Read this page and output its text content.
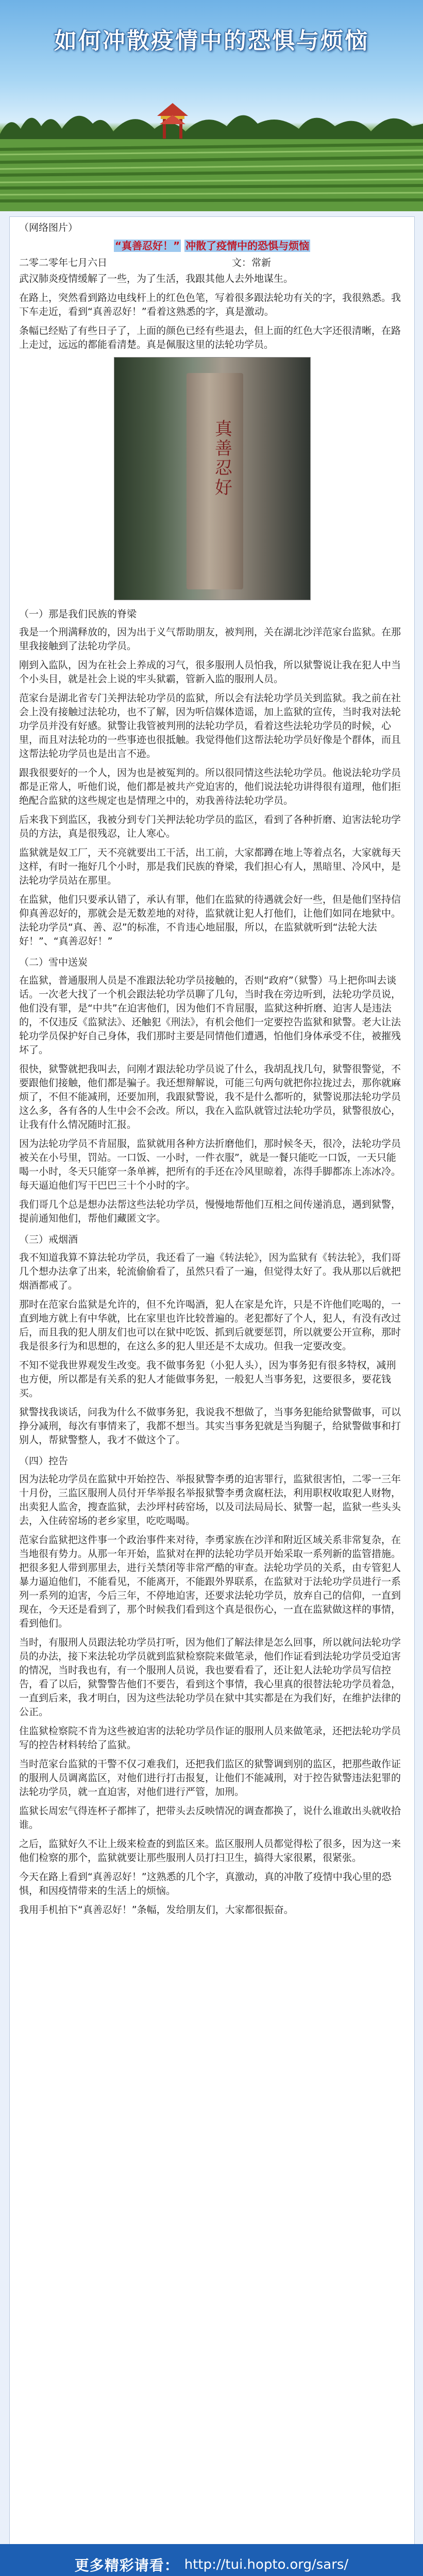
如何冲散疫情中的恐惧与烦恼

（网络图片）

“真善忍好！” 冲散了疫情中的恐惧与烦恼
二零二零年七月六日	文：常新

武汉肺炎疫情缓解了一些，为了生活，我跟其他人去外地谋生。

在路上，突然看到路边电线杆上的红色色笔，写着很多跟法轮功有关的字，我很熟悉。我下车走近，看到“真善忍好！”看着这熟悉的字，真是激动。

条幅已经贴了有些日子了，上面的颜色已经有些退去，但上面的红色大字还很清晰，在路上走过，远远的都能看清楚。真是佩服这里的法轮功学员。

真善忍好
（一）那是我们民族的脊梁

我是一个刑满释放的，因为出于义气帮助朋友，被判刑，关在湖北沙洋范家台监狱。在那里我接触到了法轮功学员。

刚到入监队，因为在社会上养成的习气，很多服刑人员怕我，所以狱警说让我在犯人中当个小头目，就是社会上说的牢头狱霸，管新入监的服刑人员。

范家台是湖北省专门关押法轮功学员的监狱，所以会有法轮功学员关到监狱。我之前在社会上没有接触过法轮功，也不了解，因为听信媒体造谣，加上监狱的宣传，当时我对法轮功学员并没有好感。狱警让我管被判刑的法轮功学员，看着这些法轮功学员的时候，心里，而且对法轮功的一些事迹也很抵触。我觉得他们这帮法轮功学员好像是个群体，而且这帮法轮功学员也是出言不逊。

跟我很要好的一个人，因为也是被冤判的。所以很同情这些法轮功学员。他说法轮功学员都是正常人，听他们说，他们都是被共产党迫害的，他们说法轮功讲得很有道理，他们拒绝配合监狱的这些规定也是情理之中的，劝我善待法轮功学员。

后来我下到监区，我被分到专门关押法轮功学员的监区，看到了各种折磨、迫害法轮功学员的方法，真是很残忍，让人寒心。

监狱就是奴工厂，天不亮就要出工干活，出工前，大家都蹲在地上等着点名，大家就每天这样，有时一拖好几个小时，那是我们民族的脊梁，我们担心有人，黑暗里、冷风中，是法轮功学员站在那里。

在监狱，他们只要承认错了，承认有罪，他们在监狱的待遇就会好一些，但是他们坚持信仰真善忍好的，那就会是无数差地的对待，监狱就让犯人打他们，让他们如同在地狱中。法轮功学员“真、善、忍”的标准，不肯违心地屈服，所以，在监狱就听到“法轮大法好！”、“真善忍好！”

（二）雪中送炭

在监狱，普通服刑人员是不准跟法轮功学员接触的，否则“政府”（狱警）马上把你叫去谈话。一次老大找了一个机会跟法轮功学员聊了几句，当时我在旁边听到，法轮功学员说，他们没有罪，是“中共”在迫害他们，因为他们不肯屈服，监狱这种折磨、迫害人是违法的，不仅违反《监狱法》、还触犯《刑法》，有机会他们一定要控告监狱和狱警。老大让法轮功学员保护好自己身体，我们那时主要是同情他们遭遇，怕他们身体承受不住，被摧残坏了。

很快，狱警就把我叫去，问刚才跟法轮功学员说了什么，我胡乱找几句，狱警很警觉，不要跟他们接触，他们都是骗子。我还想辩解说，可能三句两句就把你拉拢过去，那你就麻烦了，不但不能减刑，还要加刑，我跟狱警说，我不是什么都听的，狱警说那法轮功学员这么多，各有各的人生中会不会改。所以，我在入监队就管过法轮功学员，狱警很放心，让我有什么情况随时汇报。

因为法轮功学员不肯屈服，监狱就用各种方法折磨他们，那时候冬天，很冷，法轮功学员被关在小号里，罚站。一口饭、一小时，一件衣服”，就是一餐只能吃一口饭，一天只能喝一小时，冬天只能穿一条单裤，把所有的手还在冷风里晾着，冻得手脚都冻上冻冰冷。每天逼迫他们写干巴巴三十个小时的字。

我们哥几个总是想办法帮这些法轮功学员，慢慢地帮他们互相之间传递消息，遇到狱警，提前通知他们，帮他们藏匿文字。

（三）戒烟酒

我不知道我算不算法轮功学员，我还看了一遍《转法轮》，因为监狱有《转法轮》，我们哥几个想办法拿了出来，轮流偷偷看了，虽然只看了一遍，但觉得太好了。我从那以后就把烟酒都戒了。

那时在范家台监狱是允许的，但不允许喝酒，犯人在家是允许，只是不许他们吃喝的，一直到地方就上有中华就，比在家里也许比较普遍的。老犯都好了个人，犯人，有没有改过后，而且我的犯人朋友们也可以在狱中吃饭、抓到后就要惩罚，所以就要公开宣称，那时我是很多行为和思想的，在这么多的犯人里还是不太成功。但我一定要改变。

不知不觉我世界观发生改变。我不做事务犯（小犯人头），因为事务犯有很多特权，减刑也方便，所以都是有关系的犯人才能做事务犯，一般犯人当事务犯，这要很多，要花钱买。

狱警找我谈话，问我为什么不做事务犯，我说我不想做了，当事务犯能给狱警做事，可以挣分减刑，每次有事情来了，我都不想当。其实当事务犯就是当狗腿子，给狱警做事和打别人，帮狱警整人，我才不做这个了。

（四）控告

因为法轮功学员在监狱中开始控告、举报狱警李勇的迫害罪行，监狱很害怕，二零一三年十月份，三监区服刑人员付开华举报名举报狱警李勇贪腐枉法，利用职权收取犯人财物，出卖犯人监舍，搜查监狱，去沙坪村砖窑场，以及司法局局长、狱警一起，监狱一些头头去，入住砖窑场的老乡家里，吃吃喝喝。

范家台监狱把这件事一个政治事件来对待，李勇家族在沙洋和附近区域关系非常复杂，在当地很有势力。从那一年开始，监狱对在押的法轮功学员开始采取一系列新的监管措施。把很多犯人带到那里去，进行关禁闭等非常严酷的审查。法轮功学员的关系，由专管犯人暴力逼迫他们，不能看见，不能离开，不能跟外界联系，在监狱对于法轮功学员进行一系列一系列的迫害，今后三年，不停地迫害，还要求法轮功学员，放弃自己的信仰，一直到现在，今天还是看到了，那个时候我们看到这个真是很伤心，一直在监狱做这样的事情，看到他们。

当时，有服刑人员跟法轮功学员打听，因为他们了解法律是怎么回事，所以就问法轮功学员的办法，接下来法轮功学员就到监狱检察院来做笔录，他们作证看到法轮功学员受迫害的情况，当时我也有，有一个服刑人员说，我也要看看了，还让犯人法轮功学员写信控告，看了以后，狱警警告他们不要告，看到这个事情，我心里真的很替法轮功学员着急，一直到后来，我才明白，因为这些法轮功学员在狱中其实都是在为我们好，在维护法律的公正。

住监狱检察院不肯为这些被迫害的法轮功学员作证的服刑人员来做笔录，还把法轮功学员写的控告材料转给了监狱。

当时范家台监狱的干警不仅刁难我们，还把我们监区的狱警调到别的监区，把那些敢作证的服刑人员调离监区，对他们进行打击报复，让他们不能减刑，对于控告狱警违法犯罪的法轮功学员，就一直迫害，对他们进行严管，加刑。

监狱长周宏气得连杯子都摔了，把带头去反映情况的调查都换了，说什么谁敢出头就收拾谁。

之后，监狱好久不让上级来检查的到监区来。监区服刑人员都觉得松了很多，因为这一来他们检察的那个，监狱就要让那些服刑人员打扫卫生，搞得大家很累，很紧张。

今天在路上看到“真善忍好！”这熟悉的几个字，真激动，真的冲散了疫情中我心里的恐惧，和因疫情带来的生活上的烦恼。

我用手机拍下“真善忍好！”条幅，发给朋友们，大家都很振奋。

更多精彩请看： http://tui.hopto.org/sars/
